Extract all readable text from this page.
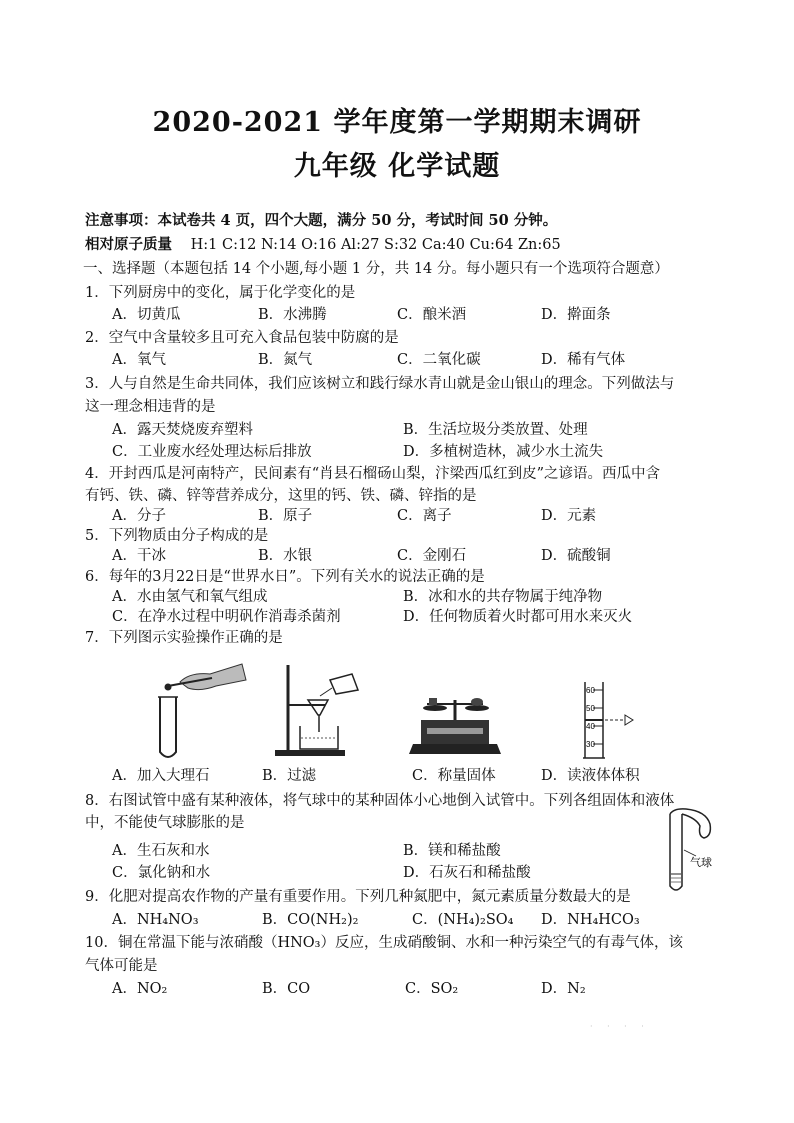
2020-2021 学年度第一学期期末调研
九年级 化学试题
注意事项：本试卷共 4 页，四个大题，满分 50 分，考试时间 50 分钟。
相对原子质量 H:1 C:12 N:14 O:16 Al:27 S:32 Ca:40 Cu:64 Zn:65
一、选择题（本题包括 14 个小题,每小题 1 分，共 14 分。每小题只有一个选项符合题意）
1．下列厨房中的变化，属于化学变化的是
A．切黄瓜	B．水沸腾	C．酿米酒	D．擀面条
2．空气中含量较多且可充入食品包装中防腐的是
A．氧气	B．氮气	C．二氧化碳	D．稀有气体
3．人与自然是生命共同体，我们应该树立和践行绿水青山就是金山银山的理念。下列做法与
这一理念相违背的是
A．露天焚烧废弃塑料	B．生活垃圾分类放置、处理
C．工业废水经处理达标后排放	D．多植树造林，减少水土流失
4．开封西瓜是河南特产，民间素有“肖县石榴砀山梨，汴梁西瓜红到皮”之谚语。西瓜中含
有钙、铁、磷、锌等营养成分，这里的钙、铁、磷、锌指的是
A．分子	B．原子	C．离子	D．元素
5．下列物质由分子构成的是
A．干冰	B．水银	C．金刚石	D．硫酸铜
6．每年的3月22日是“世界水日”。下列有关水的说法正确的是
A．水由氢气和氧气组成	B．冰和水的共存物属于纯净物
C．在净水过程中明矾作消毒杀菌剂	D．任何物质着火时都可用水来灭火
7．下列图示实验操作正确的是
60
50
40
30
A．加入大理石	B．过滤	C．称量固体	D．读液体体积
8．右图试管中盛有某种液体，将气球中的某种固体小心地倒入试管中。下列各组固体和液体
中，不能使气球膨胀的是
A．生石灰和水	B．镁和稀盐酸
C．氯化钠和水	D．石灰石和稀盐酸
气球
9．化肥对提高农作物的产量有重要作用。下列几种氮肥中，氮元素质量分数最大的是
A．NH₄NO₃	B．CO(NH₂)₂	C．(NH₄)₂SO₄ D．NH₄HCO₃
10．铜在常温下能与浓硝酸（HNO₃）反应，生成硝酸铜、水和一种污染空气的有毒气体，该
气体可能是
A．NO₂	B．CO	C．SO₂	D．N₂
· · · ·
